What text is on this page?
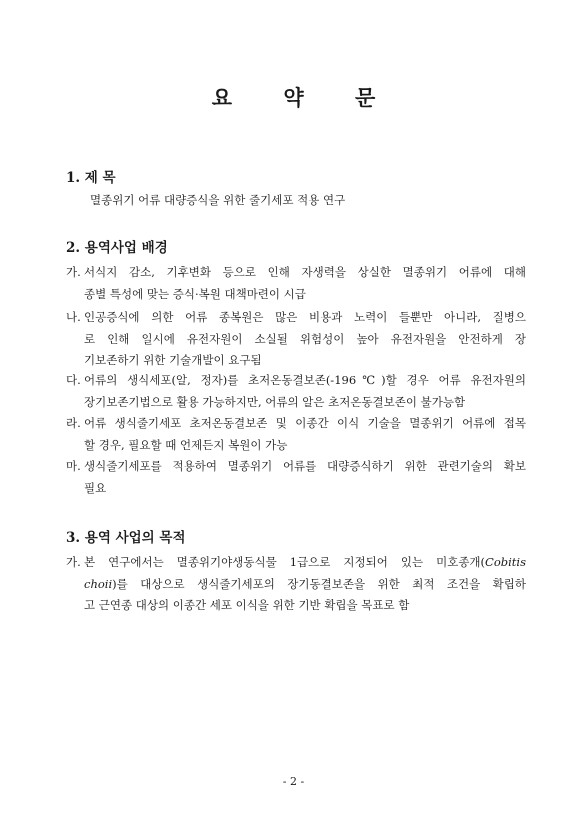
요 약 문
1. 제 목
멸종위기 어류 대량증식을 위한 줄기세포 적용 연구
2. 용역사업 배경
가. 서식지 감소, 기후변화 등으로 인해 자생력을 상실한 멸종위기 어류에 대해
종별 특성에 맞는 증식·복원 대책마련이 시급
나. 인공증식에 의한 어류 종복원은 많은 비용과 노력이 들뿐만 아니라, 질병으
로 인해 일시에 유전자원이 소실될 위험성이 높아 유전자원을 안전하게 장
기보존하기 위한 기술개발이 요구됨
다. 어류의 생식세포(알, 정자)를 초저온동결보존(-196℃)할 경우 어류 유전자원의
장기보존기법으로 활용 가능하지만, 어류의 알은 초저온동결보존이 불가능함
라. 어류 생식줄기세포 초저온동결보존 및 이종간 이식 기술을 멸종위기 어류에 접목
할 경우, 필요할 때 언제든지 복원이 가능
마. 생식줄기세포를 적용하여 멸종위기 어류를 대량증식하기 위한 관련기술의 확보
필요
3. 용역 사업의 목적
가. 본 연구에서는 멸종위기야생동식물 1급으로 지정되어 있는 미호종개(Cobitis
choii)를 대상으로 생식줄기세포의 장기동결보존을 위한 최적 조건을 확립하
고 근연종 대상의 이종간 세포 이식을 위한 기반 확립을 목표로 함
- 2 -
